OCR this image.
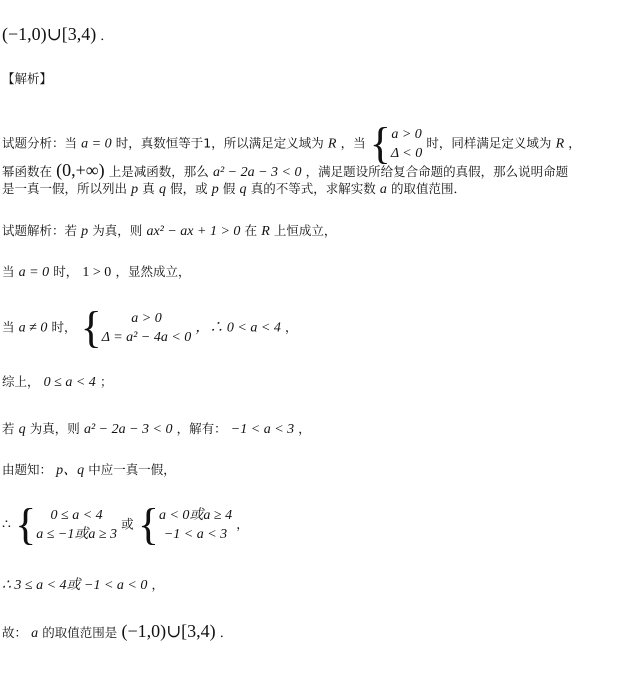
(−1,0)∪[3,4) ．
【解析】
试题分析：当 a = 0 时，真数恒等于1，所以满足定义域为 R ，当 { a > 0
Δ < 0
时，同样满足定义域为 R ，
幂函数在 (0,+∞) 上是减函数，那么 a² − 2a − 3 < 0 ，满足题设所给复合命题的真假，那么说明命题
是一真一假，所以列出 p 真 q 假，或 p 假 q 真的不等式，求解实数 a 的取值范围．
试题解析：若 p 为真，则 ax² − ax + 1 > 0 在 R 上恒成立，
当 a = 0 时， 1 > 0 ，显然成立，
当 a ≠ 0 时， {	a > 0
Δ = a² − 4a < 0
，∴ 0 < a < 4 ，
综上， 0 ≤ a < 4 ；
若 q 为真，则 a² − 2a − 3 < 0 ，解有： −1 < a < 3 ，
由题知： p、q 中应一真一假，
∴ {	0 ≤ a < 4
a ≤ −1或a ≥ 3
或 { a < 0或a ≥ 4
−1 < a < 3
，
∴ 3 ≤ a < 4或 −1 < a < 0 ，
故： a 的取值范围是 (−1,0)∪[3,4) ．
